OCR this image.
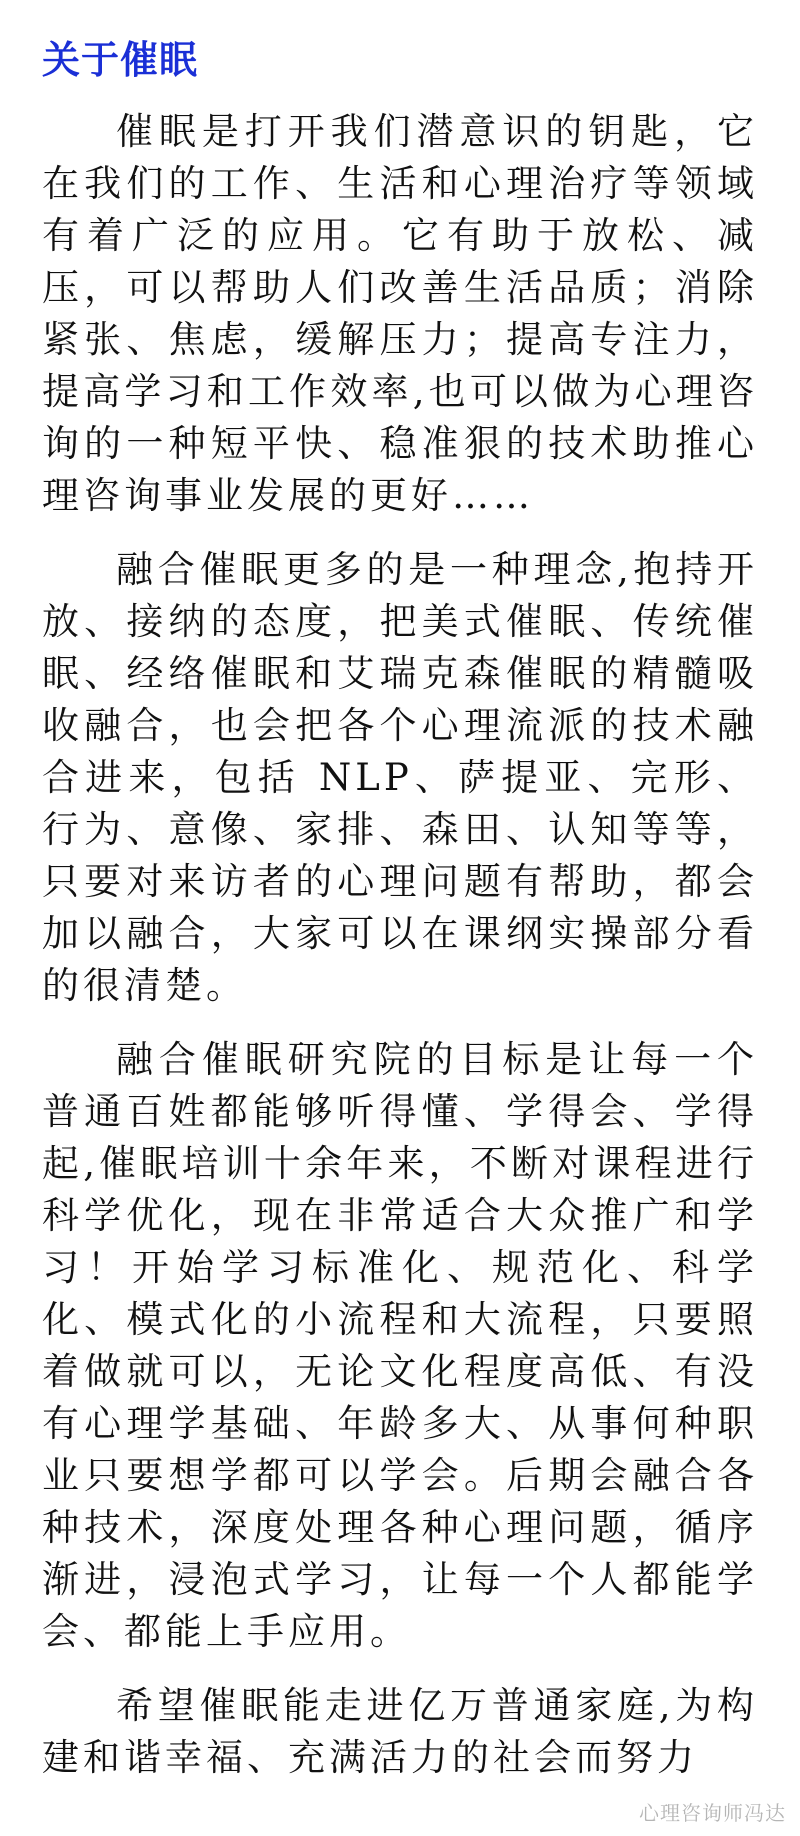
关于催眠

催眠是打开我们潜意识的钥匙，它在我们的工作、生活和心理治疗等领域有着广泛的应用。它有助于放松、减压，可以帮助人们改善生活品质；消除紧张、焦虑，缓解压力；提高专注力，提高学习和工作效率,也可以做为心理咨询的一种短平快、稳准狠的技术助推心理咨询事业发展的更好……

融合催眠更多的是一种理念,抱持开放、接纳的态度，把美式催眠、传统催眠、经络催眠和艾瑞克森催眠的精髓吸收融合，也会把各个心理流派的技术融合进来，包括 NLP、萨提亚、完形、行为、意像、家排、森田、认知等等，只要对来访者的心理问题有帮助，都会加以融合，大家可以在课纲实操部分看的很清楚。

融合催眠研究院的目标是让每一个普通百姓都能够听得懂、学得会、学得起,催眠培训十余年来，不断对课程进行科学优化，现在非常适合大众推广和学习！开始学习标准化、规范化、科学化、模式化的小流程和大流程，只要照着做就可以，无论文化程度高低、有没有心理学基础、年龄多大、从事何种职业只要想学都可以学会。后期会融合各种技术，深度处理各种心理问题，循序渐进，浸泡式学习，让每一个人都能学会、都能上手应用。

希望催眠能走进亿万普通家庭,为构建和谐幸福、充满活力的社会而努力

心理咨询师冯达
